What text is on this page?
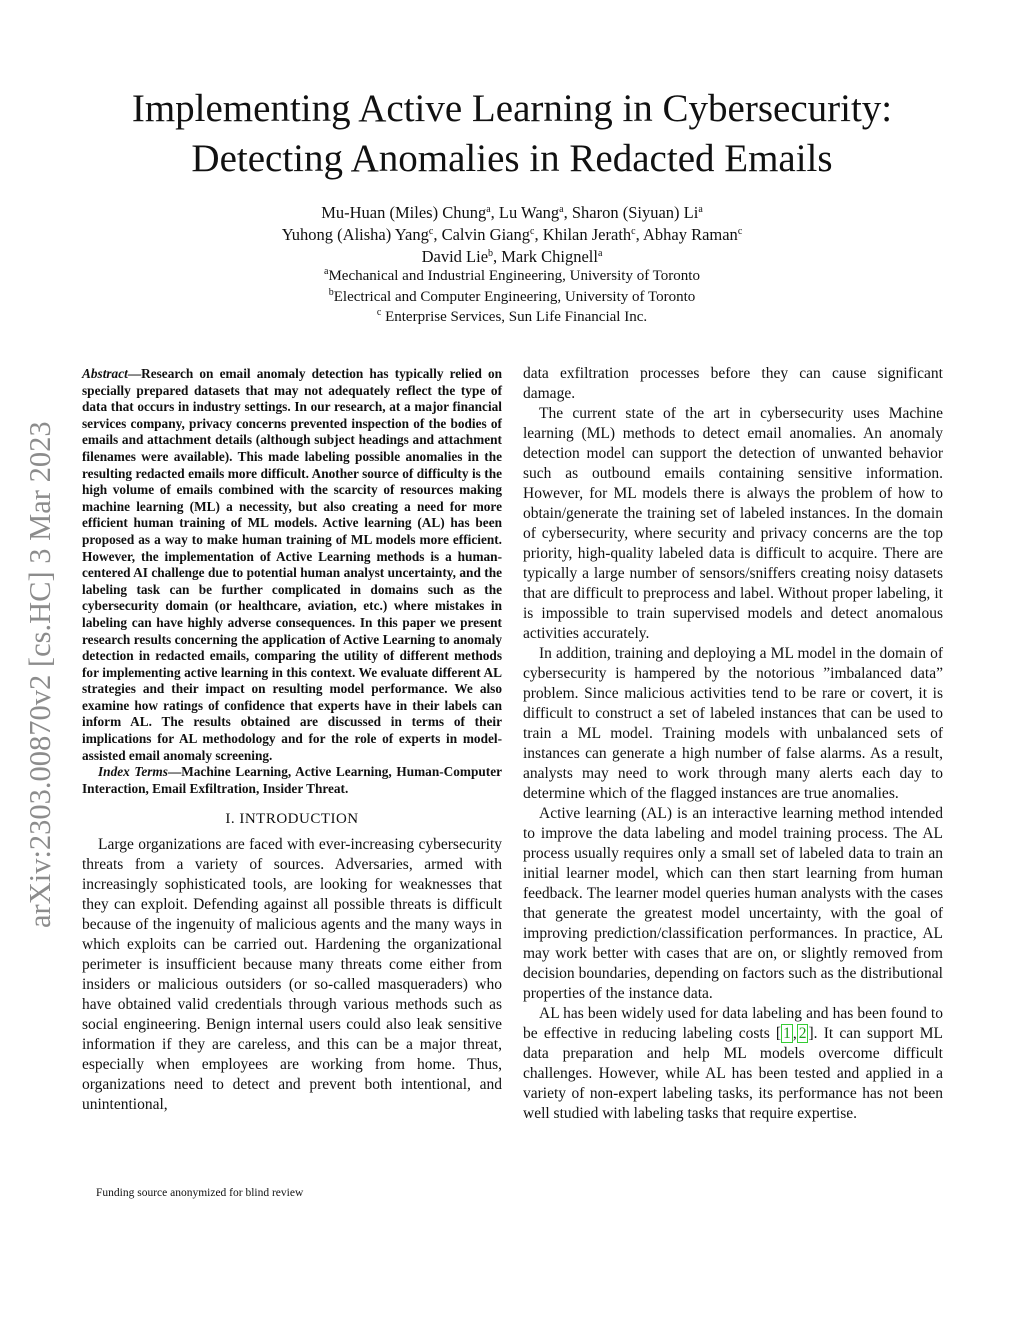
Implementing Active Learning in Cybersecurity:
Detecting Anomalies in Redacted Emails
Mu-Huan (Miles) Chung$^a$, Lu Wang$^a$, Sharon (Siyuan) Li$^a$
Yuhong (Alisha) Yang$^c$, Calvin Giang$^c$, Khilan Jerath$^c$, Abhay Raman$^c$
David Lie$^b$, Mark Chignell$^a$
$^a$Mechanical and Industrial Engineering, University of Toronto
$^b$Electrical and Computer Engineering, University of Toronto
$^c$ Enterprise Services, Sun Life Financial Inc.
arXiv:2303.00870v2 [cs.HC] 3 Mar 2023

Abstract—Research on email anomaly detection has typically relied on specially prepared datasets that may not adequately reflect the type of data that occurs in industry settings. In our research, at a major financial services company, privacy concerns prevented inspection of the bodies of emails and attachment details (although subject headings and attachment filenames were available). This made labeling possible anomalies in the resulting redacted emails more difficult. Another source of difficulty is the high volume of emails combined with the scarcity of resources making machine learning (ML) a necessity, but also creating a need for more efficient human training of ML models. Active learning (AL) has been proposed as a way to make human training of ML models more efficient. However, the implementation of Active Learning methods is a human-centered AI challenge due to potential human analyst uncertainty, and the labeling task can be further complicated in domains such as the cybersecurity domain (or healthcare, aviation, etc.) where mistakes in labeling can have highly adverse consequences. In this paper we present research results concerning the application of Active Learning to anomaly detection in redacted emails, comparing the utility of different methods for implementing active learning in this context. We evaluate different AL strategies and their impact on resulting model performance. We also examine how ratings of confidence that experts have in their labels can inform AL. The results obtained are discussed in terms of their implications for AL methodology and for the role of experts in model-assisted email anomaly screening.

Index Terms—Machine Learning, Active Learning, Human-Computer Interaction, Email Exfiltration, Insider Threat.

I. INTRODUCTION

Large organizations are faced with ever-increasing cybersecurity threats from a variety of sources. Adversaries, armed with increasingly sophisticated tools, are looking for weaknesses that they can exploit. Defending against all possible threats is difficult because of the ingenuity of malicious agents and the many ways in which exploits can be carried out. Hardening the organizational perimeter is insufficient because many threats come either from insiders or malicious outsiders (or so-called masqueraders) who have obtained valid credentials through various methods such as social engineering. Benign internal users could also leak sensitive information if they are careless, and this can be a major threat, especially when employees are working from home. Thus, organizations need to detect and prevent both intentional, and unintentional,

Funding source anonymized for blind review

data exfiltration processes before they can cause significant damage.

The current state of the art in cybersecurity uses Machine learning (ML) methods to detect email anomalies. An anomaly detection model can support the detection of unwanted behavior such as outbound emails containing sensitive information. However, for ML models there is always the problem of how to obtain/generate the training set of labeled instances. In the domain of cybersecurity, where security and privacy concerns are the top priority, high-quality labeled data is difficult to acquire. There are typically a large number of sensors/sniffers creating noisy datasets that are difficult to preprocess and label. Without proper labeling, it is impossible to train supervised models and detect anomalous activities accurately.

In addition, training and deploying a ML model in the domain of cybersecurity is hampered by the notorious ”imbalanced data” problem. Since malicious activities tend to be rare or covert, it is difficult to construct a set of labeled instances that can be used to train a ML model. Training models with unbalanced sets of instances can generate a high number of false alarms. As a result, analysts may need to work through many alerts each day to determine which of the flagged instances are true anomalies.

Active learning (AL) is an interactive learning method intended to improve the data labeling and model training process. The AL process usually requires only a small set of labeled data to train an initial learner model, which can then start learning from human feedback. The learner model queries human analysts with the cases that generate the greatest model uncertainty, with the goal of improving prediction/classification performances. In practice, AL may work better with cases that are on, or slightly removed from decision boundaries, depending on factors such as the distributional properties of the instance data.

AL has been widely used for data labeling and has been found to be effective in reducing labeling costs [ 1 , 2 ]. It can support ML data preparation and help ML models overcome difficult challenges. However, while AL has been tested and applied in a variety of non-expert labeling tasks, its performance has not been well studied with labeling tasks that require expertise.
